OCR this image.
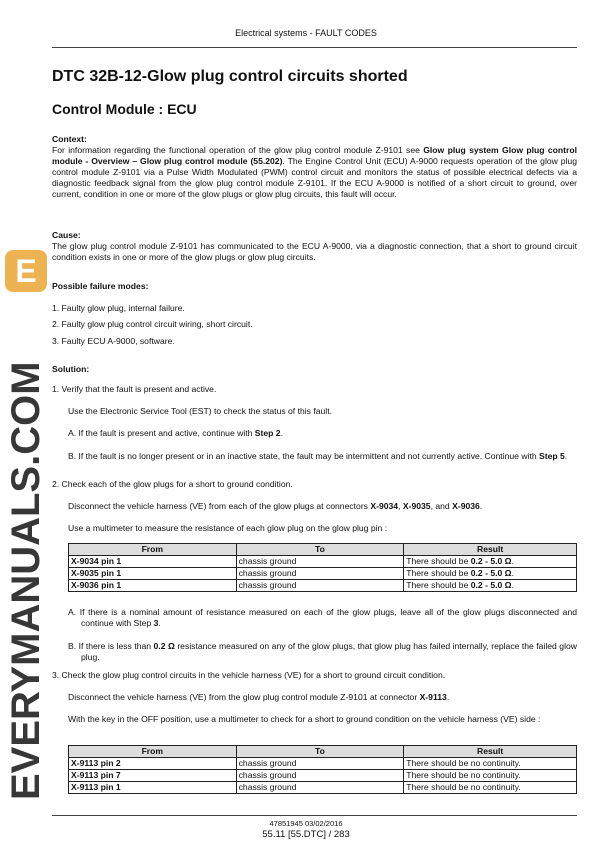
E
EVERYMANUALS.COM
Electrical systems - FAULT CODES
DTC 32B-12-Glow plug control circuits shorted
Control Module : ECU
Context:
For information regarding the functional operation of the glow plug control module Z-9101 see Glow plug system Glow plug control module - Overview – Glow plug control module (55.202). The Engine Control Unit (ECU) A-9000 requests operation of the glow plug control module Z-9101 via a Pulse Width Modulated (PWM) control circuit and monitors the status of possible electrical defects via a diagnostic feedback signal from the glow plug control module Z-9101. If the ECU A-9000 is notified of a short circuit to ground, over current, condition in one or more of the glow plugs or glow plug circuits, this fault will occur.
Cause:
The glow plug control module Z-9101 has communicated to the ECU A-9000, via a diagnostic connection, that a short to ground circuit condition exists in one or more of the glow plugs or glow plug circuits.
Possible failure modes:
1. Faulty glow plug, internal failure.
2. Faulty glow plug control circuit wiring, short circuit.
3. Faulty ECU A-9000, software.
Solution:
1. Verify that the fault is present and active.
Use the Electronic Service Tool (EST) to check the status of this fault.
A. If the fault is present and active, continue with Step 2.
B. If the fault is no longer present or in an inactive state, the fault may be intermittent and not currently active. Continue with Step 5.
2. Check each of the glow plugs for a short to ground condition.
Disconnect the vehicle harness (VE) from each of the glow plugs at connectors X-9034, X-9035, and X-9036.
Use a multimeter to measure the resistance of each glow plug on the glow plug pin :
From	To	Result
X-9034 pin 1	chassis ground	There should be 0.2 - 5.0 Ω.
X-9035 pin 1	chassis ground	There should be 0.2 - 5.0 Ω.
X-9036 pin 1	chassis ground	There should be 0.2 - 5.0 Ω.
A. If there is a nominal amount of resistance measured on each of the glow plugs, leave all of the glow plugs disconnected and continue with Step 3.
B. If there is less than 0.2 Ω resistance measured on any of the glow plugs, that glow plug has failed internally, replace the failed glow plug.
3. Check the glow plug control circuits in the vehicle harness (VE) for a short to ground circuit condition.
Disconnect the vehicle harness (VE) from the glow plug control module Z-9101 at connector X-9113.
With the key in the OFF position, use a multimeter to check for a short to ground condition on the vehicle harness (VE) side :
From	To	Result
X-9113 pin 2	chassis ground	There should be no continuity.
X-9113 pin 7	chassis ground	There should be no continuity.
X-9113 pin 1	chassis ground	There should be no continuity.
47851945 03/02/2016
55.11 [55.DTC] / 283
